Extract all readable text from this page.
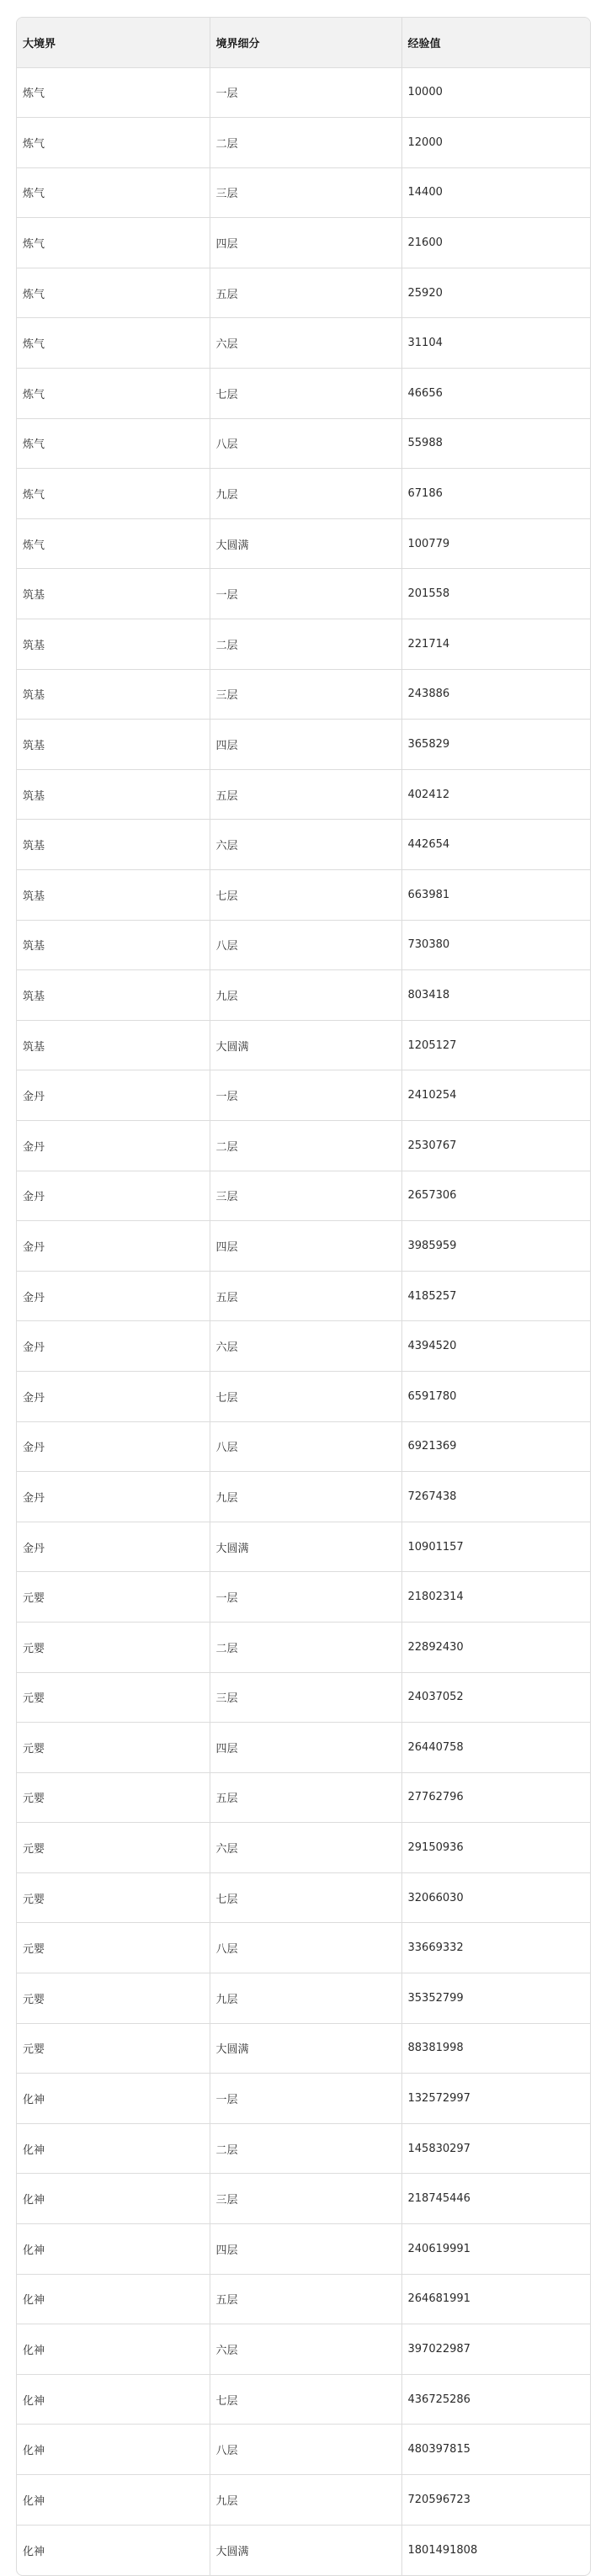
大境界	境界细分	经验值
炼气	一层	10000
炼气	二层	12000
炼气	三层	14400
炼气	四层	21600
炼气	五层	25920
炼气	六层	31104
炼气	七层	46656
炼气	八层	55988
炼气	九层	67186
炼气	大圆满	100779
筑基	一层	201558
筑基	二层	221714
筑基	三层	243886
筑基	四层	365829
筑基	五层	402412
筑基	六层	442654
筑基	七层	663981
筑基	八层	730380
筑基	九层	803418
筑基	大圆满	1205127
金丹	一层	2410254
金丹	二层	2530767
金丹	三层	2657306
金丹	四层	3985959
金丹	五层	4185257
金丹	六层	4394520
金丹	七层	6591780
金丹	八层	6921369
金丹	九层	7267438
金丹	大圆满	10901157
元婴	一层	21802314
元婴	二层	22892430
元婴	三层	24037052
元婴	四层	26440758
元婴	五层	27762796
元婴	六层	29150936
元婴	七层	32066030
元婴	八层	33669332
元婴	九层	35352799
元婴	大圆满	88381998
化神	一层	132572997
化神	二层	145830297
化神	三层	218745446
化神	四层	240619991
化神	五层	264681991
化神	六层	397022987
化神	七层	436725286
化神	八层	480397815
化神	九层	720596723
化神	大圆满	1801491808
